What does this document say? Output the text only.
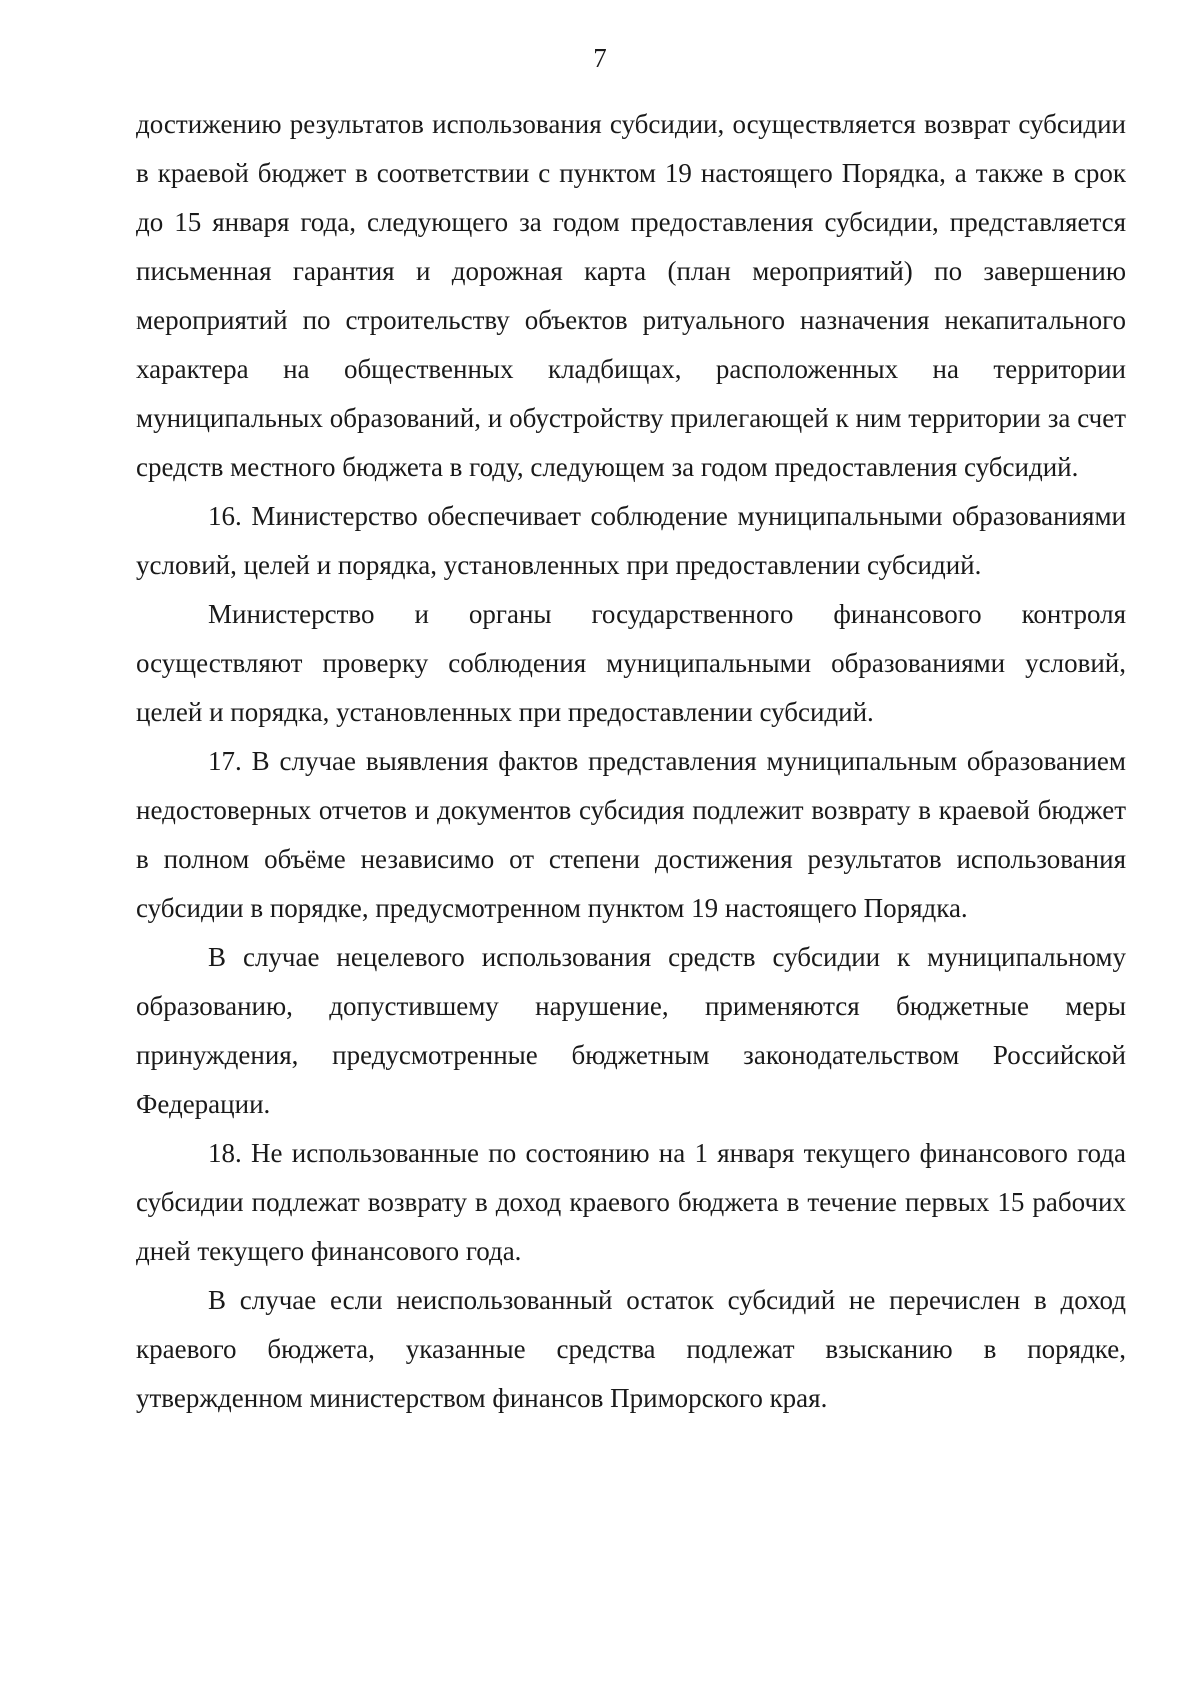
7

достижению результатов использования субсидии, осуществляется возврат субсидии в краевой бюджет в соответствии с пунктом 19 настоящего Порядка, а также в срок до 15 января года, следующего за годом предоставления субсидии, представляется письменная гарантия и дорожная карта (план мероприятий) по завершению мероприятий по строительству объектов ритуального назначения некапитального характера на общественных кладбищах, расположенных на территории муниципальных образований, и обустройству прилегающей к ним территории за счет средств местного бюджета в году, следующем за годом предоставления субсидий.

16. Министерство обеспечивает соблюдение муниципальными образованиями условий, целей и порядка, установленных при предоставлении субсидий.

Министерство и органы государственного финансового контроля осуществляют проверку соблюдения муниципальными образованиями условий, целей и порядка, установленных при предоставлении субсидий.

17. В случае выявления фактов представления муниципальным образованием недостоверных отчетов и документов субсидия подлежит возврату в краевой бюджет в полном объёме независимо от степени достижения результатов использования субсидии в порядке, предусмотренном пунктом 19 настоящего Порядка.

В случае нецелевого использования средств субсидии к муниципальному образованию, допустившему нарушение, применяются бюджетные меры принуждения, предусмотренные бюджетным законодательством Российской Федерации.

18. Не использованные по состоянию на 1 января текущего финансового года субсидии подлежат возврату в доход краевого бюджета в течение первых 15 рабочих дней текущего финансового года.

В случае если неиспользованный остаток субсидий не перечислен в доход краевого бюджета, указанные средства подлежат взысканию в порядке, утвержденном министерством финансов Приморского края.
